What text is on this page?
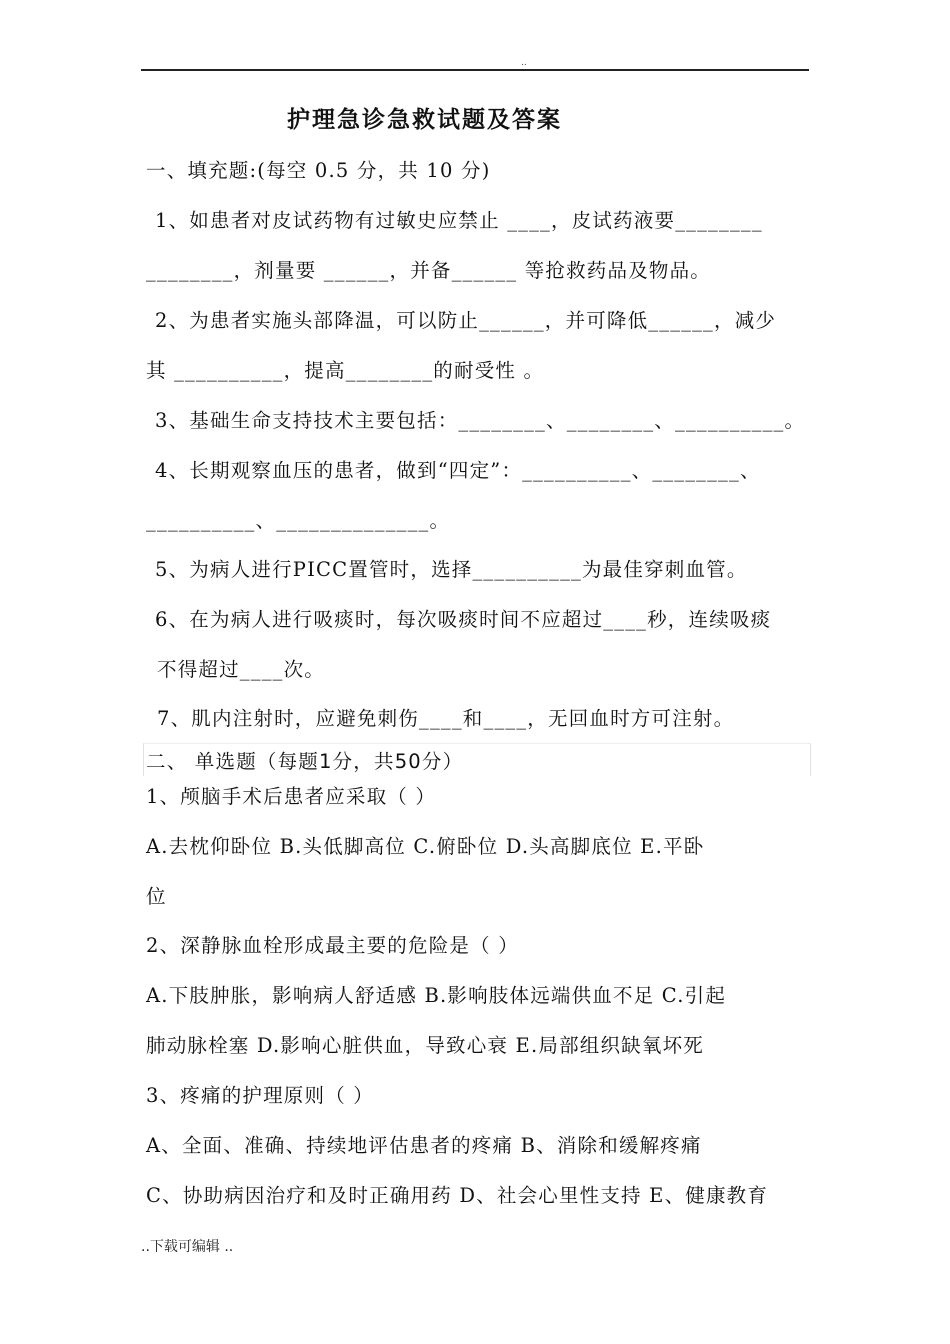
..
护理急诊急救试题及答案
一、填充题:(每空 0.5 分，共 10 分)
1、如患者对皮试药物有过敏史应禁止 ____，皮试药液要________
________，剂量要 ______，并备______ 等抢救药品及物品。
2、为患者实施头部降温，可以防止______，并可降低______，减少
其 __________，提高________的耐受性 。
3、基础生命支持技术主要包括：________、________、__________。
4、长期观察血压的患者，做到“四定”：__________、________、
__________、______________。
5、为病人进行PICC置管时，选择__________为最佳穿刺血管。
6、在为病人进行吸痰时，每次吸痰时间不应超过____秒，连续吸痰
不得超过____次。
7、肌内注射时，应避免刺伤____和____，无回血时方可注射。
二、 单选题（每题1分，共50分）
1、颅脑手术后患者应采取（ ）
A.去枕仰卧位 B.头低脚高位 C.俯卧位 D.头高脚底位 E.平卧
位
2、深静脉血栓形成最主要的危险是（ ）
A.下肢肿胀，影响病人舒适感 B.影响肢体远端供血不足 C.引起
肺动脉栓塞 D.影响心脏供血，导致心衰 E.局部组织缺氧坏死
3、疼痛的护理原则（ ）
A、全面、准确、持续地评估患者的疼痛 B、消除和缓解疼痛
C、协助病因治疗和及时正确用药 D、社会心里性支持 E、健康教育
..下载可编辑 ..
